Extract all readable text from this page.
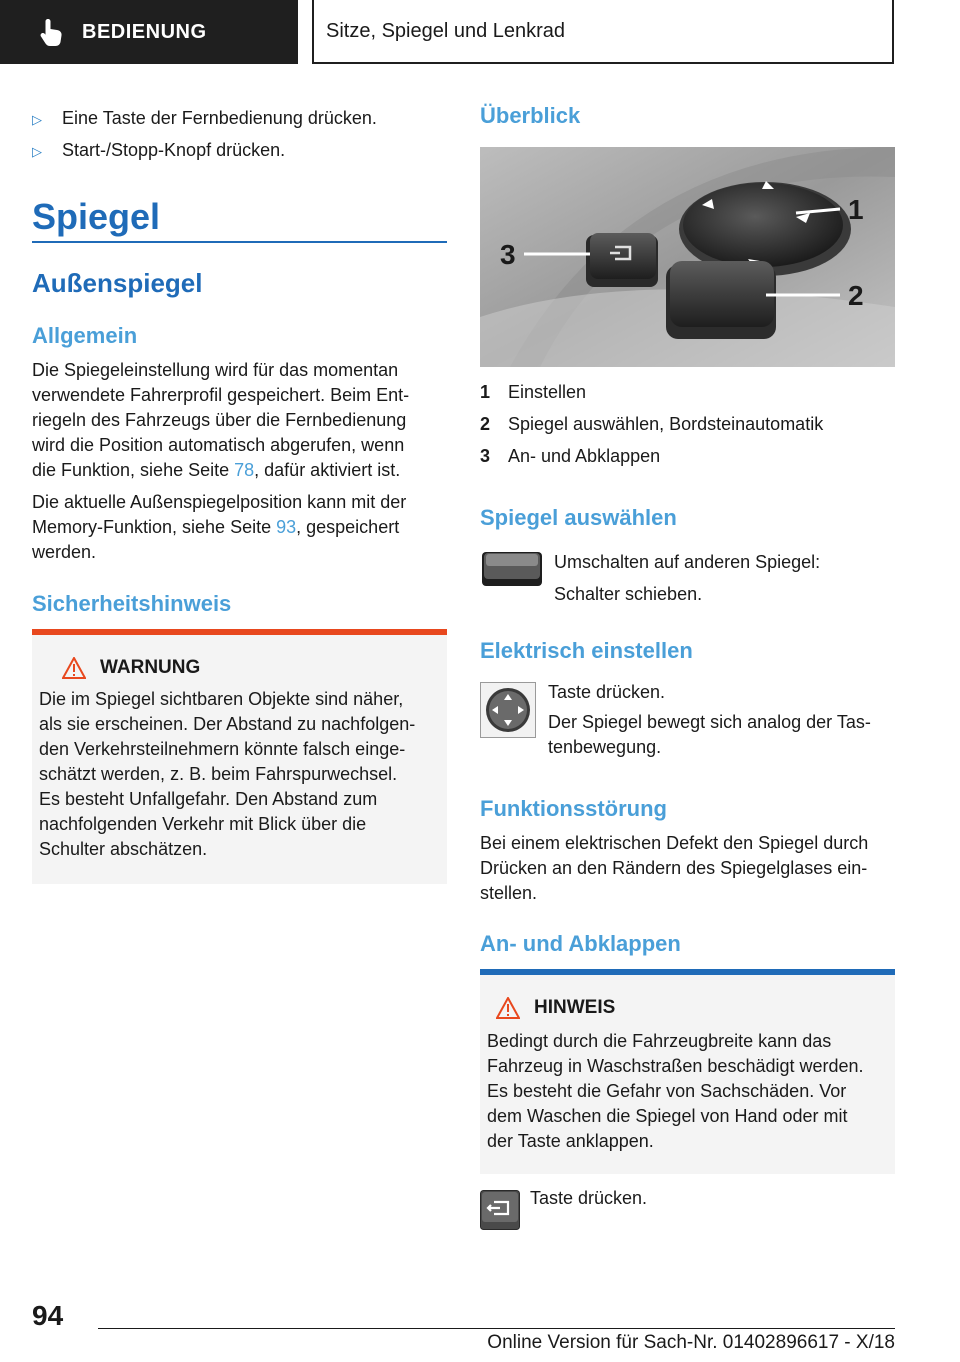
BEDIENUNG	Sitze, Spiegel und Lenkrad
▷ Eine Taste der Fernbedienung drücken.
▷ Start-/Stopp-Knopf drücken.
Spiegel
Außenspiegel
Allgemein
Die Spiegeleinstellung wird für das momentan
verwendete Fahrerprofil gespeichert. Beim Ent-
riegeln des Fahrzeugs über die Fernbedienung
wird die Position automatisch abgerufen, wenn
die Funktion, siehe Seite 78, dafür aktiviert ist.
Die aktuelle Außenspiegelposition kann mit der
Memory-Funktion, siehe Seite 93, gespeichert
werden.
Sicherheitshinweis
WARNUNG
Die im Spiegel sichtbaren Objekte sind näher,
als sie erscheinen. Der Abstand zu nachfolgen-
den Verkehrsteilnehmern könnte falsch einge-
schätzt werden, z. B. beim Fahrspurwechsel.
Es besteht Unfallgefahr. Den Abstand zum
nachfolgenden Verkehr mit Blick über die
Schulter abschätzen.
Überblick
1
2
3
1 Einstellen
2 Spiegel auswählen, Bordsteinautomatik
3 An- und Abklappen
Spiegel auswählen
Umschalten auf anderen Spiegel:
Schalter schieben.
Elektrisch einstellen
Taste drücken.
Der Spiegel bewegt sich analog der Tas-
tenbewegung.
Funktionsstörung
Bei einem elektrischen Defekt den Spiegel durch
Drücken an den Rändern des Spiegelglases ein-
stellen.
An- und Abklappen
HINWEIS
Bedingt durch die Fahrzeugbreite kann das
Fahrzeug in Waschstraßen beschädigt werden.
Es besteht die Gefahr von Sachschäden. Vor
dem Waschen die Spiegel von Hand oder mit
der Taste anklappen.
Taste drücken.
94
Online Version für Sach-Nr. 01402896617 - X/18
